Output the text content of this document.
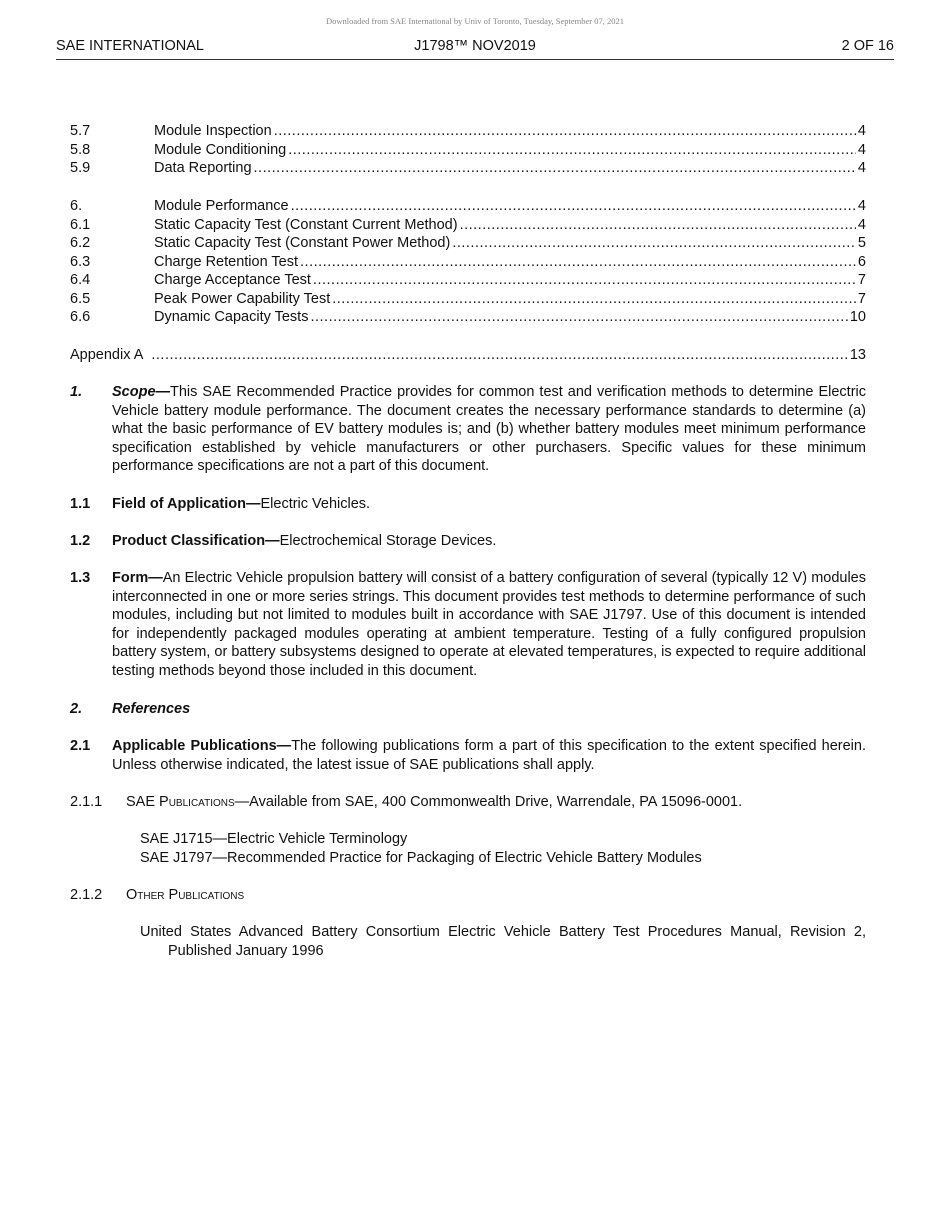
Downloaded from SAE International by Univ of Toronto, Tuesday, September 07, 2021
SAE INTERNATIONAL	J1798™ NOV2019	2 OF 16
5.7	Module Inspection .....	4
5.8	Module Conditioning .....	4
5.9	Data Reporting .....	4
6.	Module Performance .....	4
6.1	Static Capacity Test (Constant Current Method) .....	4
6.2	Static Capacity Test (Constant Power Method) .....	5
6.3	Charge Retention Test .....	6
6.4	Charge Acceptance Test .....	7
6.5	Peak Power Capability Test .....	7
6.6	Dynamic Capacity Tests .....	10
Appendix A .....	13
1.	Scope—This SAE Recommended Practice provides for common test and verification methods to determine Electric Vehicle battery module performance. The document creates the necessary performance standards to determine (a) what the basic performance of EV battery modules is; and (b) whether battery modules meet minimum performance specification established by vehicle manufacturers or other purchasers. Specific values for these minimum performance specifications are not a part of this document.
1.1	Field of Application—Electric Vehicles.
1.2	Product Classification—Electrochemical Storage Devices.
1.3	Form—An Electric Vehicle propulsion battery will consist of a battery configuration of several (typically 12 V) modules interconnected in one or more series strings. This document provides test methods to determine performance of such modules, including but not limited to modules built in accordance with SAE J1797. Use of this document is intended for independently packaged modules operating at ambient temperature. Testing of a fully configured propulsion battery system, or battery subsystems designed to operate at elevated temperatures, is expected to require additional testing methods beyond those included in this document.
2.	References
2.1	Applicable Publications—The following publications form a part of this specification to the extent specified herein. Unless otherwise indicated, the latest issue of SAE publications shall apply.
2.1.1 SAE Publications—Available from SAE, 400 Commonwealth Drive, Warrendale, PA 15096-0001.
SAE J1715—Electric Vehicle Terminology
SAE J1797—Recommended Practice for Packaging of Electric Vehicle Battery Modules
2.1.2 Other Publications
United States Advanced Battery Consortium Electric Vehicle Battery Test Procedures Manual, Revision 2, Published January 1996
